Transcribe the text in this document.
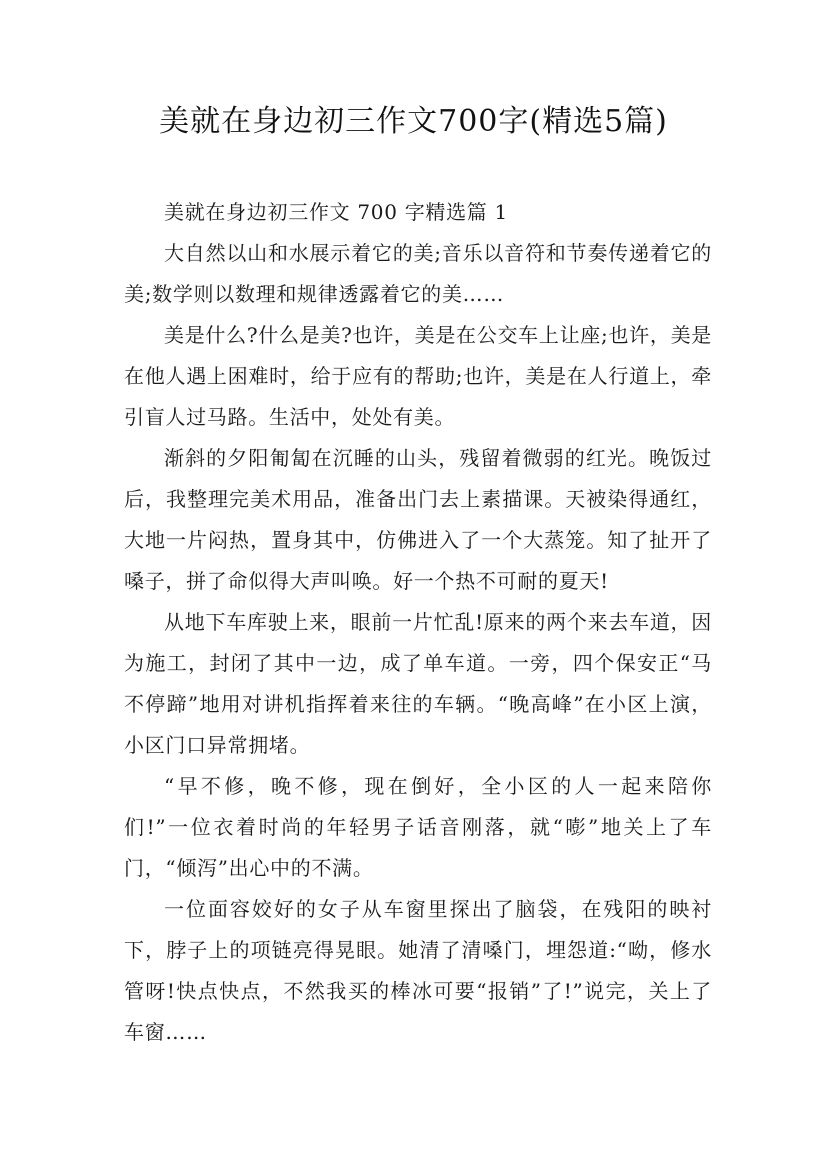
美就在身边初三作文700字(精选5篇)

美就在身边初三作文 700 字精选篇 1

大自然以山和水展示着它的美;音乐以音符和节奏传递着它的美;数学则以数理和规律透露着它的美……

美是什么?什么是美?也许，美是在公交车上让座;也许，美是在他人遇上困难时，给于应有的帮助;也许，美是在人行道上，牵引盲人过马路。生活中，处处有美。

渐斜的夕阳匍匐在沉睡的山头，残留着微弱的红光。晚饭过后，我整理完美术用品，准备出门去上素描课。天被染得通红，大地一片闷热，置身其中，仿佛进入了一个大蒸笼。知了扯开了嗓子，拼了命似得大声叫唤。好一个热不可耐的夏天!

从地下车库驶上来，眼前一片忙乱!原来的两个来去车道，因为施工，封闭了其中一边，成了单车道。一旁，四个保安正“马不停蹄”地用对讲机指挥着来往的车辆。“晚高峰”在小区上演，小区门口异常拥堵。

“早不修，晚不修，现在倒好，全小区的人一起来陪你们!”一位衣着时尚的年轻男子话音刚落，就“嘭”地关上了车门，“倾泻”出心中的不满。

一位面容姣好的女子从车窗里探出了脑袋，在残阳的映衬下，脖子上的项链亮得晃眼。她清了清嗓门，埋怨道:“呦，修水管呀!快点快点，不然我买的棒冰可要“报销”了!”说完，关上了车窗……
